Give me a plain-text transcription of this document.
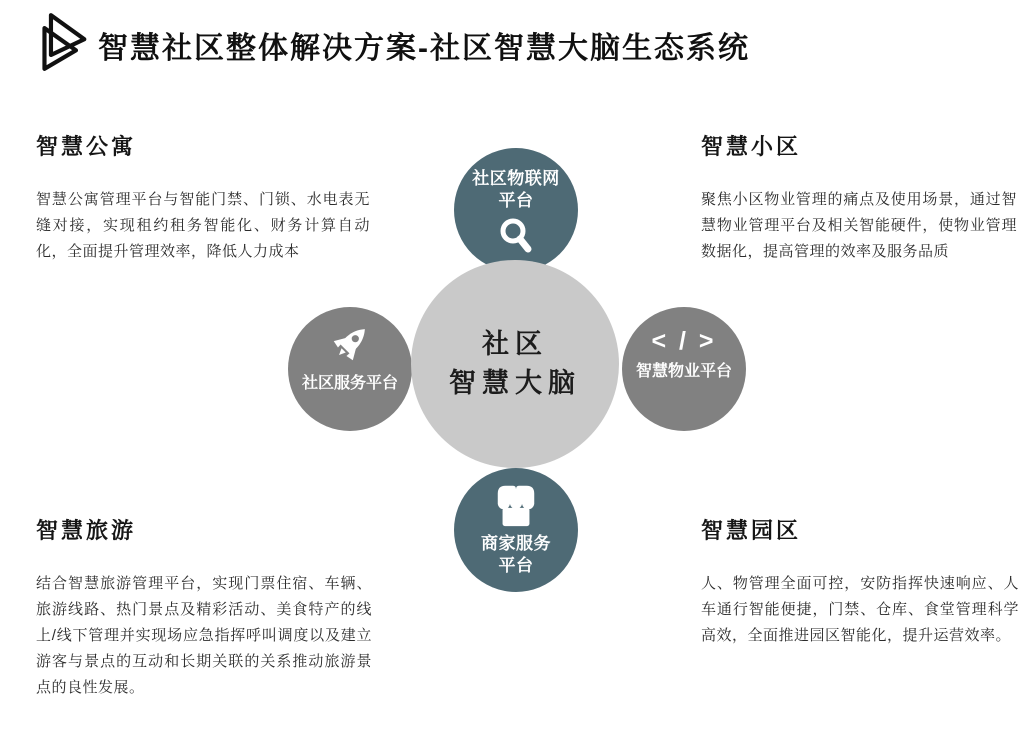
智慧社区整体解决方案-社区智慧大脑生态系统
智慧公寓

智慧公寓管理平台与智能门禁、门锁、水电表无缝对接，实现租约租务智能化、财务计算自动化，全面提升管理效率，降低人力成本

智慧小区

聚焦小区物业管理的痛点及使用场景，通过智慧物业管理平台及相关智能硬件，使物业管理数据化，提高管理的效率及服务品质

智慧旅游

结合智慧旅游管理平台，实现门票住宿、车辆、旅游线路、热门景点及精彩活动、美食特产的线上/线下管理并实现场应急指挥呼叫调度以及建立游客与景点的互动和长期关联的关系推动旅游景点的良性发展。

智慧园区

人、物管理全面可控，安防指挥快速响应、人车通行智能便捷，门禁、仓库、食堂管理科学高效，全面推进园区智能化，提升运营效率。

社区物联网
平台
社区服务平台
< / >
智慧物业平台
商家服务
平台
社区
智慧大脑
